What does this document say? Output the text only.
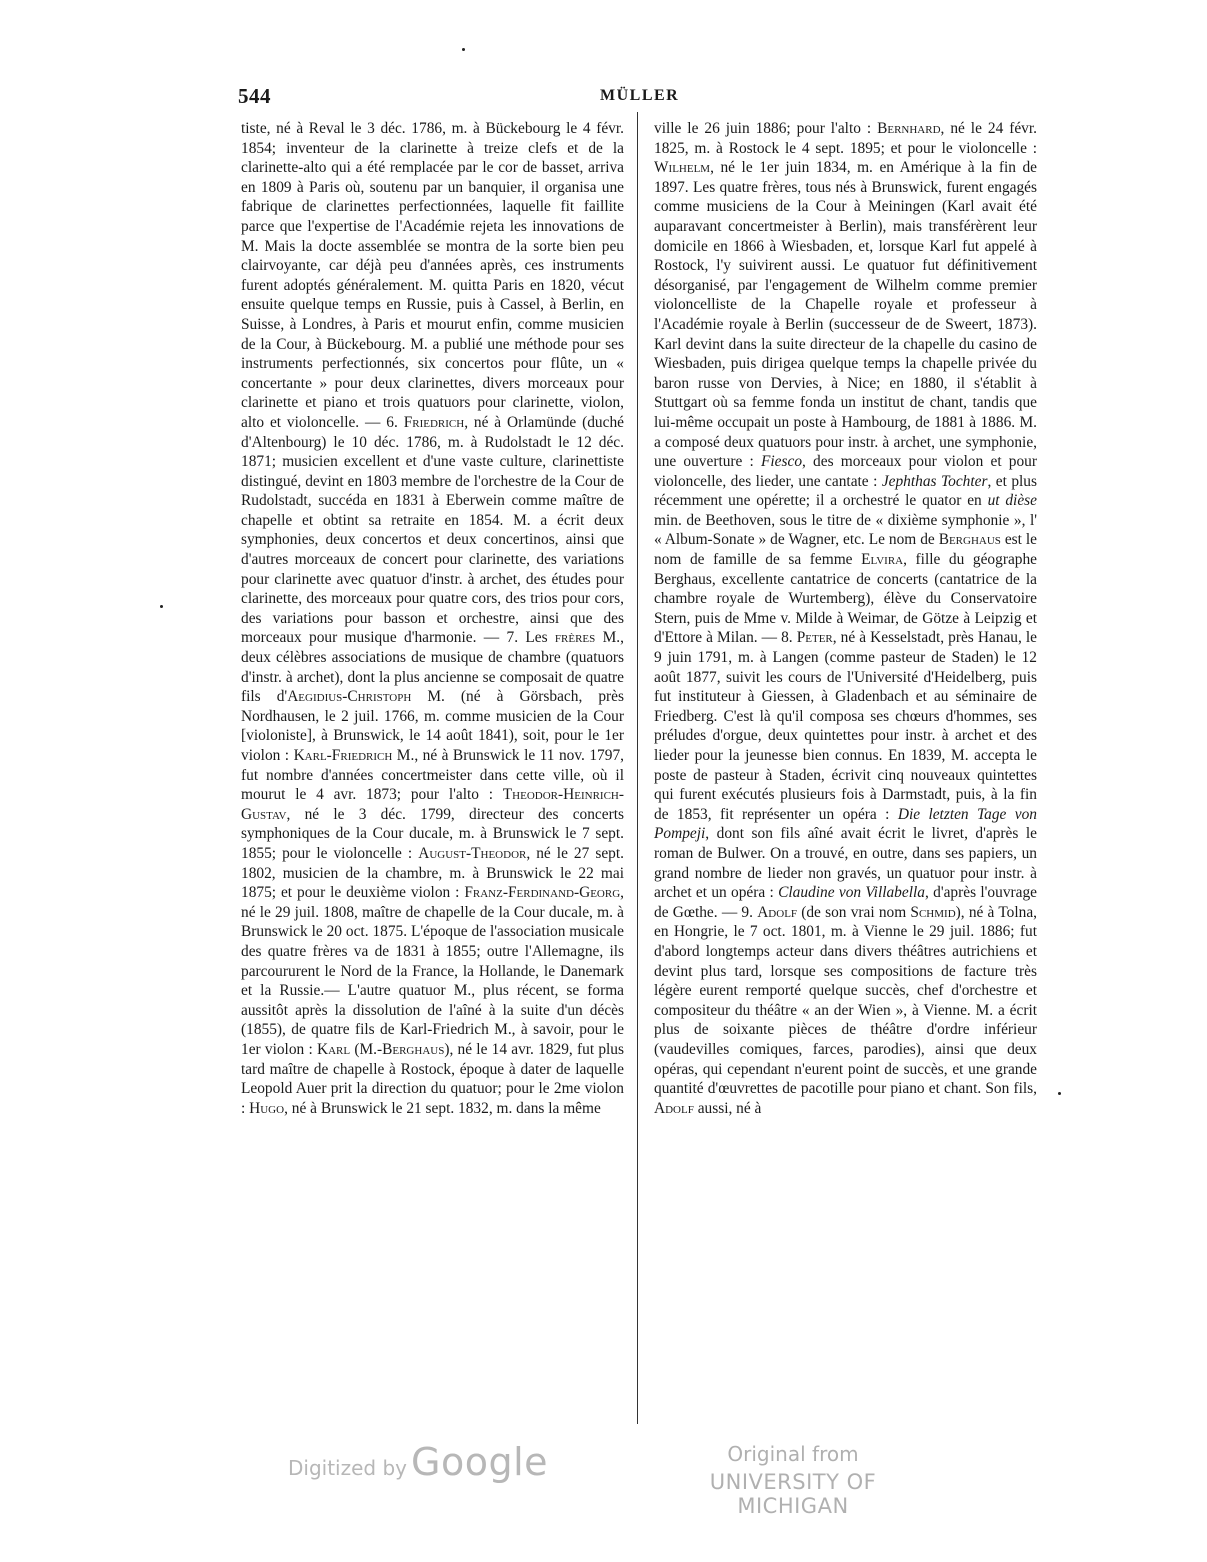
544	MÜLLER

tiste, né à Reval le 3 déc. 1786, m. à Bückebourg le 4 févr. 1854; inventeur de la clarinette à treize clefs et de la clarinette-alto qui a été remplacée par le cor de basset, arriva en 1809 à Paris où, soutenu par un banquier, il organisa une fabrique de clarinettes perfectionnées, laquelle fit faillite parce que l'expertise de l'Académie rejeta les innovations de M. Mais la docte assemblée se montra de la sorte bien peu clairvoyante, car déjà peu d'années après, ces instruments furent adoptés généralement. M. quitta Paris en 1820, vécut ensuite quelque temps en Russie, puis à Cassel, à Berlin, en Suisse, à Londres, à Paris et mourut enfin, comme musicien de la Cour, à Bückebourg. M. a publié une méthode pour ses instruments perfectionnés, six concertos pour flûte, un « concertante » pour deux clarinettes, divers morceaux pour clarinette et piano et trois quatuors pour clarinette, violon, alto et violoncelle. — 6. Friedrich, né à Orlamünde (duché d'Altenbourg) le 10 déc. 1786, m. à Rudolstadt le 12 déc. 1871; musicien excellent et d'une vaste culture, clarinettiste distingué, devint en 1803 membre de l'orchestre de la Cour de Rudolstadt, succéda en 1831 à Eberwein comme maître de chapelle et obtint sa retraite en 1854. M. a écrit deux symphonies, deux concertos et deux concertinos, ainsi que d'autres morceaux de concert pour clarinette, des variations pour clarinette avec quatuor d'instr. à archet, des études pour clarinette, des morceaux pour quatre cors, des trios pour cors, des variations pour basson et orchestre, ainsi que des morceaux pour musique d'harmonie. — 7. Les frères M., deux célèbres associations de musique de chambre (quatuors d'instr. à archet), dont la plus ancienne se composait de quatre fils d'Aegidius-Christoph M. (né à Görsbach, près Nordhausen, le 2 juil. 1766, m. comme musicien de la Cour [violoniste], à Brunswick, le 14 août 1841), soit, pour le 1er violon : Karl-Friedrich M., né à Brunswick le 11 nov. 1797, fut nombre d'années concertmeister dans cette ville, où il mourut le 4 avr. 1873; pour l'alto : Theodor-Heinrich-Gustav, né le 3 déc. 1799, directeur des concerts symphoniques de la Cour ducale, m. à Brunswick le 7 sept. 1855; pour le violoncelle : August-Theodor, né le 27 sept. 1802, musicien de la chambre, m. à Brunswick le 22 mai 1875; et pour le deuxième violon : Franz-Ferdinand-Georg, né le 29 juil. 1808, maître de chapelle de la Cour ducale, m. à Brunswick le 20 oct. 1875. L'époque de l'association musicale des quatre frères va de 1831 à 1855; outre l'Allemagne, ils parcoururent le Nord de la France, la Hollande, le Danemark et la Russie.— L'autre quatuor M., plus récent, se forma aussitôt après la dissolution de l'aîné à la suite d'un décès (1855), de quatre fils de Karl-Friedrich M., à savoir, pour le 1er violon : Karl (M.-Berghaus), né le 14 avr. 1829, fut plus tard maître de chapelle à Rostock, époque à dater de laquelle Leopold Auer prit la direction du quatuor; pour le 2me violon : Hugo, né à Brunswick le 21 sept. 1832, m. dans la même

ville le 26 juin 1886; pour l'alto : Bernhard, né le 24 févr. 1825, m. à Rostock le 4 sept. 1895; et pour le violoncelle : Wilhelm, né le 1er juin 1834, m. en Amérique à la fin de 1897. Les quatre frères, tous nés à Brunswick, furent engagés comme musiciens de la Cour à Meiningen (Karl avait été auparavant concertmeister à Berlin), mais transférèrent leur domicile en 1866 à Wiesbaden, et, lorsque Karl fut appelé à Rostock, l'y suivirent aussi. Le quatuor fut définitivement désorganisé, par l'engagement de Wilhelm comme premier violoncelliste de la Chapelle royale et professeur à l'Académie royale à Berlin (successeur de de Sweert, 1873). Karl devint dans la suite directeur de la chapelle du casino de Wiesbaden, puis dirigea quelque temps la chapelle privée du baron russe von Dervies, à Nice; en 1880, il s'établit à Stuttgart où sa femme fonda un institut de chant, tandis que lui-même occupait un poste à Hambourg, de 1881 à 1886. M. a composé deux quatuors pour instr. à archet, une symphonie, une ouverture : Fiesco, des morceaux pour violon et pour violoncelle, des lieder, une cantate : Jephthas Tochter, et plus récemment une opérette; il a orchestré le quator en ut dièse min. de Beethoven, sous le titre de « dixième symphonie », l' « Album-Sonate » de Wagner, etc. Le nom de Berghaus est le nom de famille de sa femme Elvira, fille du géographe Berghaus, excellente cantatrice de concerts (cantatrice de la chambre royale de Wurtemberg), élève du Conservatoire Stern, puis de Mme v. Milde à Weimar, de Götze à Leipzig et d'Ettore à Milan. — 8. Peter, né à Kesselstadt, près Hanau, le 9 juin 1791, m. à Langen (comme pasteur de Staden) le 12 août 1877, suivit les cours de l'Université d'Heidelberg, puis fut instituteur à Giessen, à Gladenbach et au séminaire de Friedberg. C'est là qu'il composa ses chœurs d'hommes, ses préludes d'orgue, deux quintettes pour instr. à archet et des lieder pour la jeunesse bien connus. En 1839, M. accepta le poste de pasteur à Staden, écrivit cinq nouveaux quintettes qui furent exécutés plusieurs fois à Darmstadt, puis, à la fin de 1853, fit représenter un opéra : Die letzten Tage von Pompeji, dont son fils aîné avait écrit le livret, d'après le roman de Bulwer. On a trouvé, en outre, dans ses papiers, un grand nombre de lieder non gravés, un quatuor pour instr. à archet et un opéra : Claudine von Villabella, d'après l'ouvrage de Gœthe. — 9. Adolf (de son vrai nom Schmid), né à Tolna, en Hongrie, le 7 oct. 1801, m. à Vienne le 29 juil. 1886; fut d'abord longtemps acteur dans divers théâtres autrichiens et devint plus tard, lorsque ses compositions de facture très légère eurent remporté quelque succès, chef d'orchestre et compositeur du théâtre « an der Wien », à Vienne. M. a écrit plus de soixante pièces de théâtre d'ordre inférieur (vaudevilles comiques, farces, parodies), ainsi que deux opéras, qui cependant n'eurent point de succès, et une grande quantité d'œuvrettes de pacotille pour piano et chant. Son fils, Adolf aussi, né à

Digitized by Google	Original from
UNIVERSITY OF MICHIGAN
